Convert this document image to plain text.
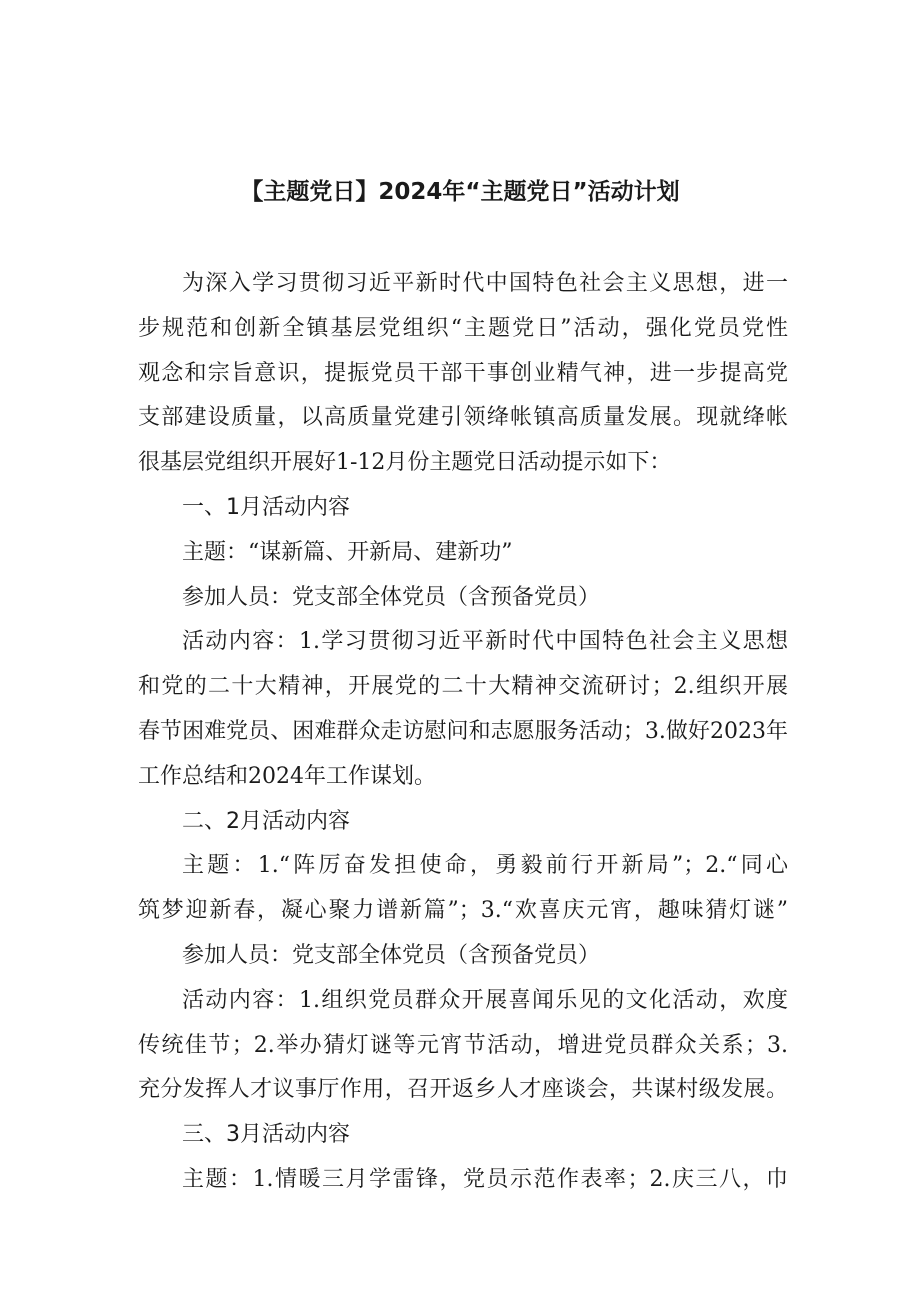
【主题党日】2024年“主题党日”活动计划
为深入学习贯彻习近平新时代中国特色社会主义思想，进一
步规范和创新全镇基层党组织“主题党日”活动，强化党员党性
观念和宗旨意识，提振党员干部干事创业精气神，进一步提高党
支部建设质量，以高质量党建引领绛帐镇高质量发展。现就绛帐
很基层党组织开展好1-12月份主题党日活动提示如下：
一、1月活动内容
主题：“谋新篇、开新局、建新功”
参加人员：党支部全体党员（含预备党员）
活动内容：1.学习贯彻习近平新时代中国特色社会主义思想
和党的二十大精神，开展党的二十大精神交流研讨；2.组织开展
春节困难党员、困难群众走访慰问和志愿服务活动；3.做好2023年
工作总结和2024年工作谋划。
二、2月活动内容
主题：1.“阵厉奋发担使命，勇毅前行开新局”；2.“同心
筑梦迎新春，凝心聚力谱新篇”；3.“欢喜庆元宵，趣味猜灯谜”
参加人员：党支部全体党员（含预备党员）
活动内容：1.组织党员群众开展喜闻乐见的文化活动，欢度
传统佳节；2.举办猜灯谜等元宵节活动，增进党员群众关系；3.
充分发挥人才议事厅作用，召开返乡人才座谈会，共谋村级发展。
三、3月活动内容
主题：1.情暖三月学雷锋，党员示范作表率；2.庆三八，巾
